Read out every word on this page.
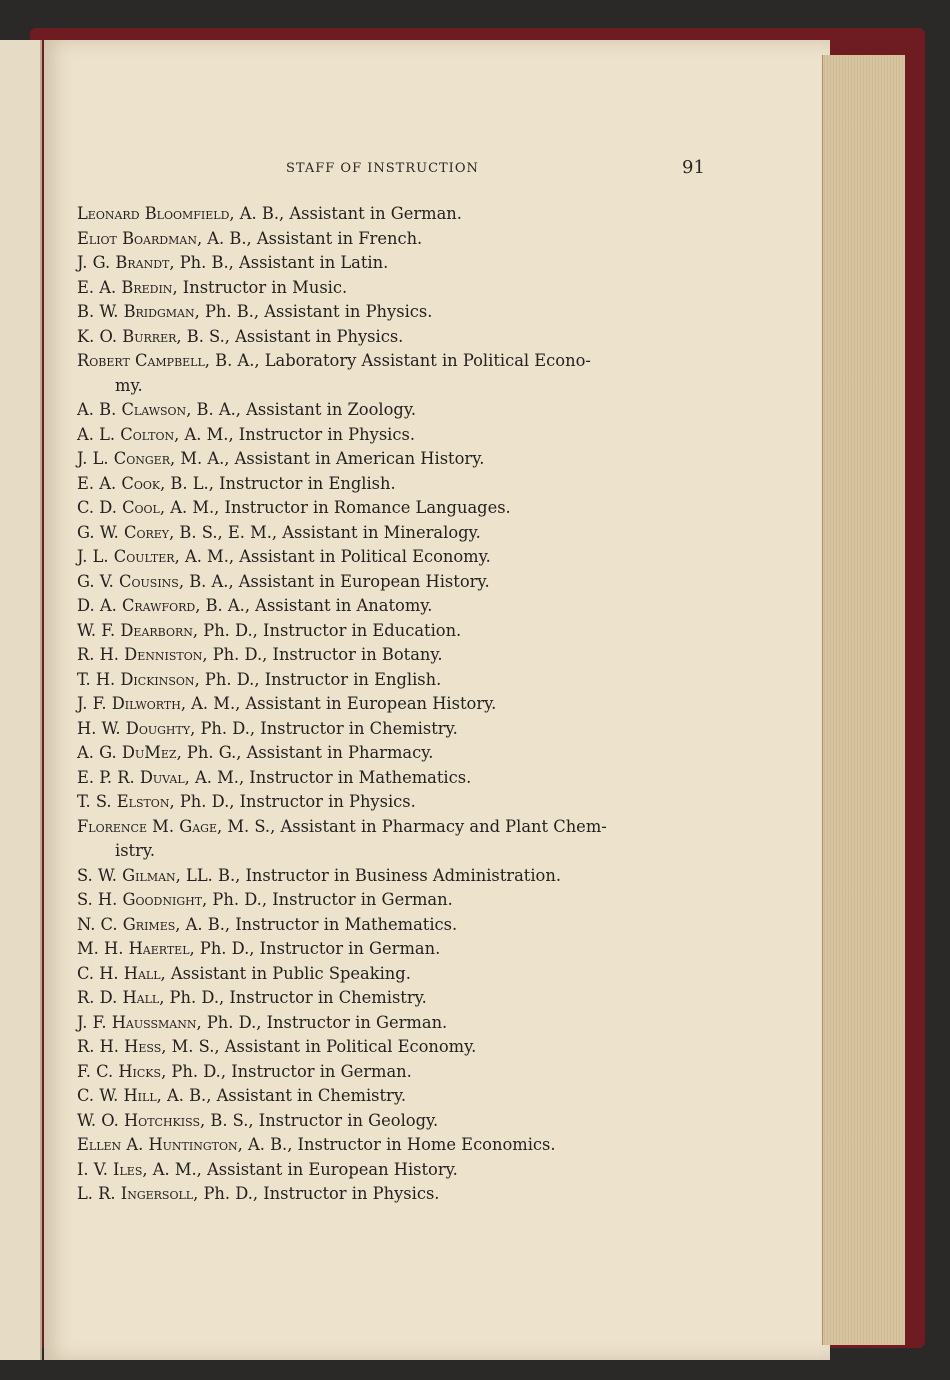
STAFF OF INSTRUCTION	91
Leonard Bloomfield, A. B., Assistant in German.
Eliot Boardman, A. B., Assistant in French.
J. G. Brandt, Ph. B., Assistant in Latin.
E. A. Bredin, Instructor in Music.
B. W. Bridgman, Ph. B., Assistant in Physics.
K. O. Burrer, B. S., Assistant in Physics.
Robert Campbell, B. A., Laboratory Assistant in Political Econo-
my.
A. B. Clawson, B. A., Assistant in Zoology.
A. L. Colton, A. M., Instructor in Physics.
J. L. Conger, M. A., Assistant in American History.
E. A. Cook, B. L., Instructor in English.
C. D. Cool, A. M., Instructor in Romance Languages.
G. W. Corey, B. S., E. M., Assistant in Mineralogy.
J. L. Coulter, A. M., Assistant in Political Economy.
G. V. Cousins, B. A., Assistant in European History.
D. A. Crawford, B. A., Assistant in Anatomy.
W. F. Dearborn, Ph. D., Instructor in Education.
R. H. Denniston, Ph. D., Instructor in Botany.
T. H. Dickinson, Ph. D., Instructor in English.
J. F. Dilworth, A. M., Assistant in European History.
H. W. Doughty, Ph. D., Instructor in Chemistry.
A. G. DuMez, Ph. G., Assistant in Pharmacy.
E. P. R. Duval, A. M., Instructor in Mathematics.
T. S. Elston, Ph. D., Instructor in Physics.
Florence M. Gage, M. S., Assistant in Pharmacy and Plant Chem-
istry.
S. W. Gilman, LL. B., Instructor in Business Administration.
S. H. Goodnight, Ph. D., Instructor in German.
N. C. Grimes, A. B., Instructor in Mathematics.
M. H. Haertel, Ph. D., Instructor in German.
C. H. Hall, Assistant in Public Speaking.
R. D. Hall, Ph. D., Instructor in Chemistry.
J. F. Haussmann, Ph. D., Instructor in German.
R. H. Hess, M. S., Assistant in Political Economy.
F. C. Hicks, Ph. D., Instructor in German.
C. W. Hill, A. B., Assistant in Chemistry.
W. O. Hotchkiss, B. S., Instructor in Geology.
Ellen A. Huntington, A. B., Instructor in Home Economics.
I. V. Iles, A. M., Assistant in European History.
L. R. Ingersoll, Ph. D., Instructor in Physics.
